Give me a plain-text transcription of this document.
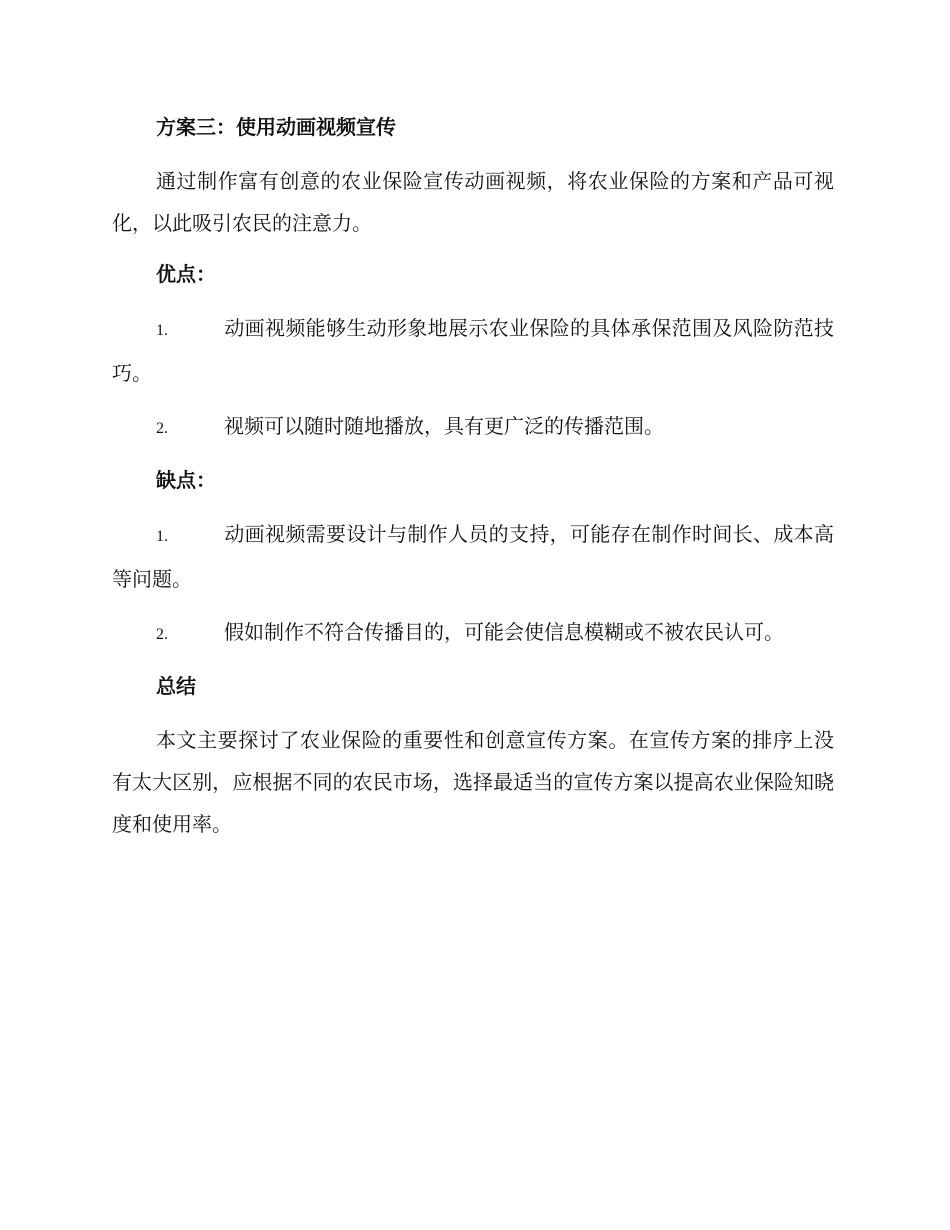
方案三：使用动画视频宣传

通过制作富有创意的农业保险宣传动画视频，将农业保险的方案和产品可视化，以此吸引农民的注意力。

优点：

1.	动画视频能够生动形象地展示农业保险的具体承保范围及风险防范技巧。

2.	视频可以随时随地播放，具有更广泛的传播范围。

缺点：

1.	动画视频需要设计与制作人员的支持，可能存在制作时间长、成本高等问题。

2.	假如制作不符合传播目的，可能会使信息模糊或不被农民认可。

总结

本文主要探讨了农业保险的重要性和创意宣传方案。在宣传方案的排序上没有太大区别，应根据不同的农民市场，选择最适当的宣传方案以提高农业保险知晓度和使用率。
